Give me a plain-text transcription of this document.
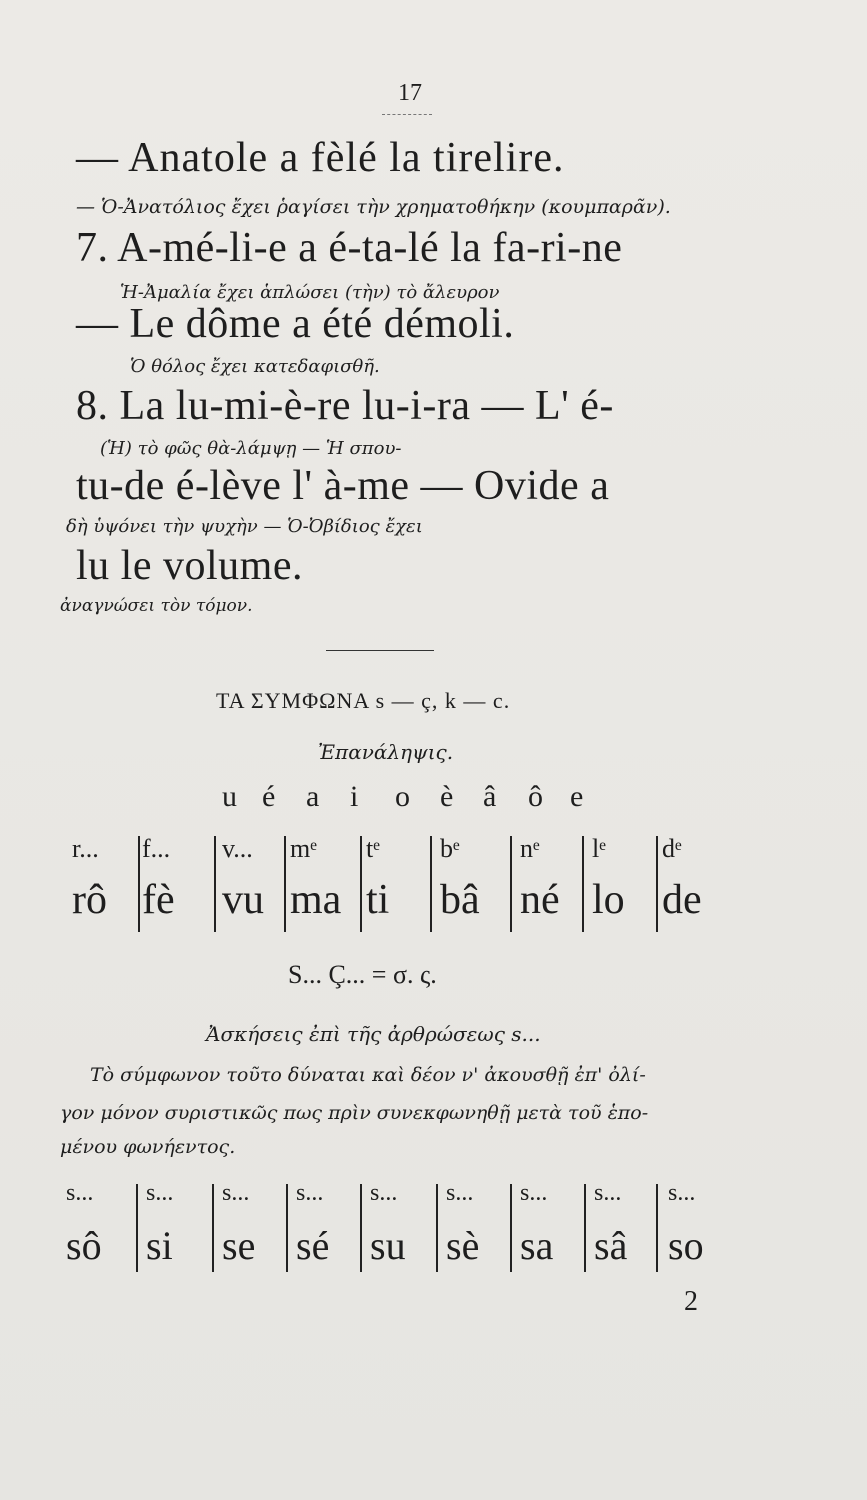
17
— Anatole a fèlé la tirelire.
— Ὁ-Ἀνατόλιος ἔχει ῥαγίσει τὴν χρηματοθήκην (κουμπαρᾶν).
7. A-mé-li-e a é-ta-lé la fa-ri-ne
Ἡ-Ἀμαλία ἔχει ἁπλώσει (τὴν) τὸ ἄλευρον
— Le dôme a été démoli.
Ὁ θόλος ἔχει κατεδαφισθῆ.
8. La lu-mi-è-re lu-i-ra — L' é-
(Ἡ) τὸ φῶς θὰ-λάμψῃ — Ἡ σπου-
tu-de é-lève l' à-me — Ovide a
δὴ ὑψόνει τὴν ψυχὴν — Ὁ-Ὀβίδιος ἔχει
lu le volume.
ἀναγνώσει τὸν τόμον.
ΤΑ ΣΥΜΦΩΝΑ s — ç, k — c.
Ἐπανάληψις.
S... Ç... = σ. ς.
Ἀσκήσεις ἐπὶ τῆς ἀρθρώσεως s...
Τὸ σύμφωνον τοῦτο δύναται καὶ δέον ν' ἀκουσθῇ ἐπ' ὀλί-
γον μόνον συριστικῶς πως πρὶν συνεκφωνηθῇ μετὰ τοῦ ἑπο-
μένου φωνήεντος.
2
u é a i o è â ô e
r... f... v... mᵉ tᵉ bᵉ nᵉ lᵉ dᵉ
rô fè vu ma ti bâ né lo de
s... s... s... s... s... s... s... s... s...
sô si se sé su sè sa sâ so
